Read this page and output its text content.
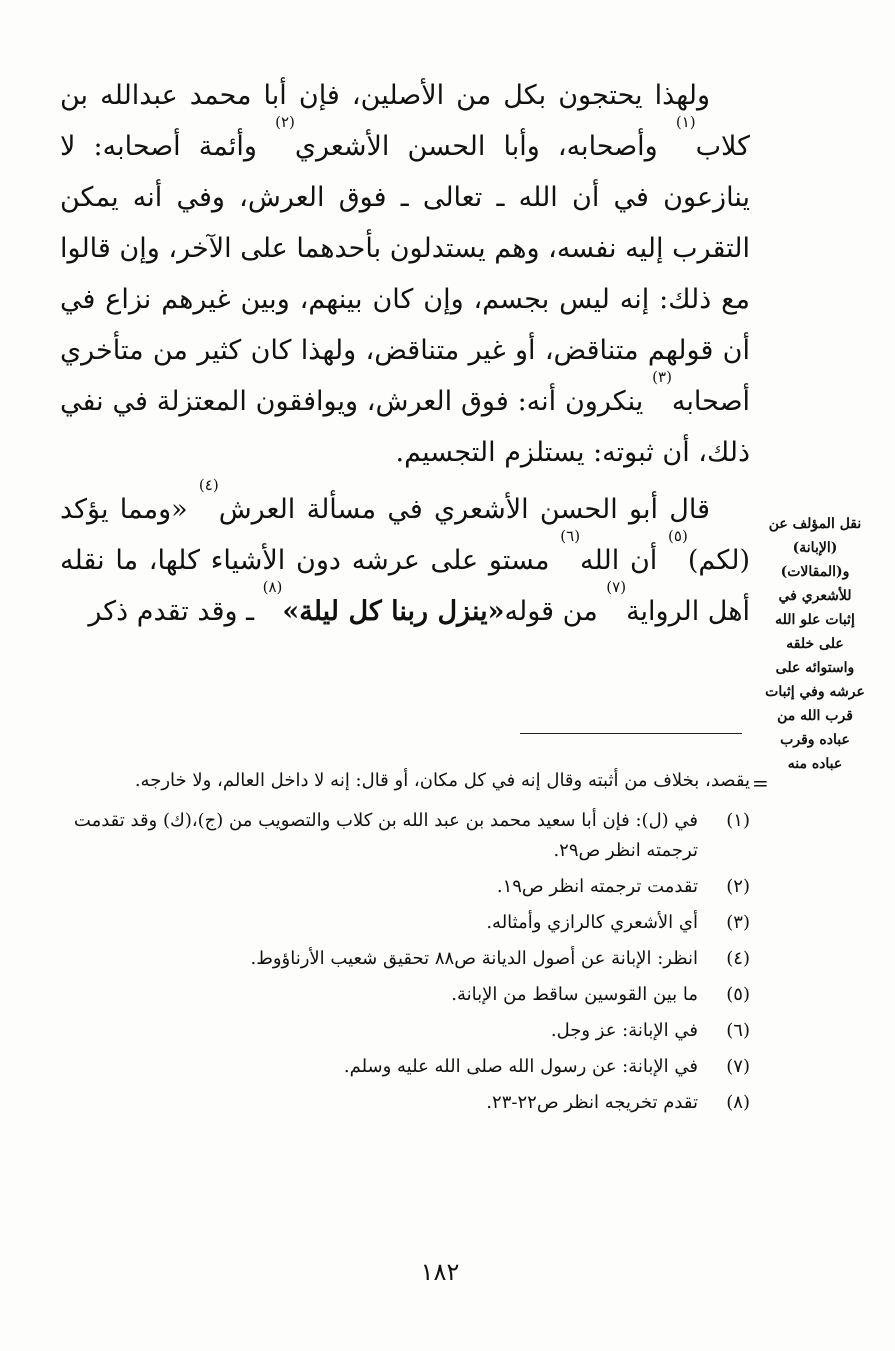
ولهذا يحتجون بكل من الأصلين، فإن أبا محمد عبدالله بن كلاب$^{(١)}$ وأصحابه، وأبا الحسن الأشعري$^{(٢)}$ وأئمة أصحابه: لا ينازعون في أن الله ـ تعالى ـ فوق العرش، وفي أنه يمكن التقرب إليه نفسه، وهم يستدلون بأحدهما على الآخر، وإن قالوا مع ذلك: إنه ليس بجسم، وإن كان بينهم، وبين غيرهم نزاع في أن قولهم متناقض، أو غير متناقض، ولهذا كان كثير من متأخري أصحابه$^{(٣)}$ ينكرون أنه: فوق العرش، ويوافقون المعتزلة في نفي ذلك، أن ثبوته: يستلزم التجسيم.

قال أبو الحسن الأشعري في مسألة العرش$^{(٤)}$ «ومما يؤكد (لكم)$^{(٥)}$ أن الله$^{(٦)}$ مستو على عرشه دون الأشياء كلها، ما نقله أهل الرواية$^{(٧)}$ من قوله«ينزل ربنا كل ليلة»$^{(٨)}$ ـ وقد تقدم ذكر

نقل المؤلف عن (الإبانة) و(المقالات) للأشعري في إثبات علو الله على خلقه واستوائه على عرشه وفي إثبات قرب الله من عباده وقرب عباده منه
=

يقصد، بخلاف من أثبته وقال إنه في كل مكان، أو قال: إنه لا داخل العالم، ولا خارجه.

(١)
في (ل): فإن أبا سعيد محمد بن عبد الله بن كلاب والتصويب من (ج)،(ك) وقد تقدمت ترجمته انظر ص٢٩.
(٢)
تقدمت ترجمته انظر ص١٩.
(٣)
أي الأشعري كالرازي وأمثاله.
(٤)
انظر: الإبانة عن أصول الديانة ص٨٨ تحقيق شعيب الأرناؤوط.
(٥)
ما بين القوسين ساقط من الإبانة.
(٦)
في الإبانة: عز وجل.
(٧)
في الإبانة: عن رسول الله صلى الله عليه وسلم.
(٨)
تقدم تخريجه انظر ص٢٢-٢٣.
١٨٢
